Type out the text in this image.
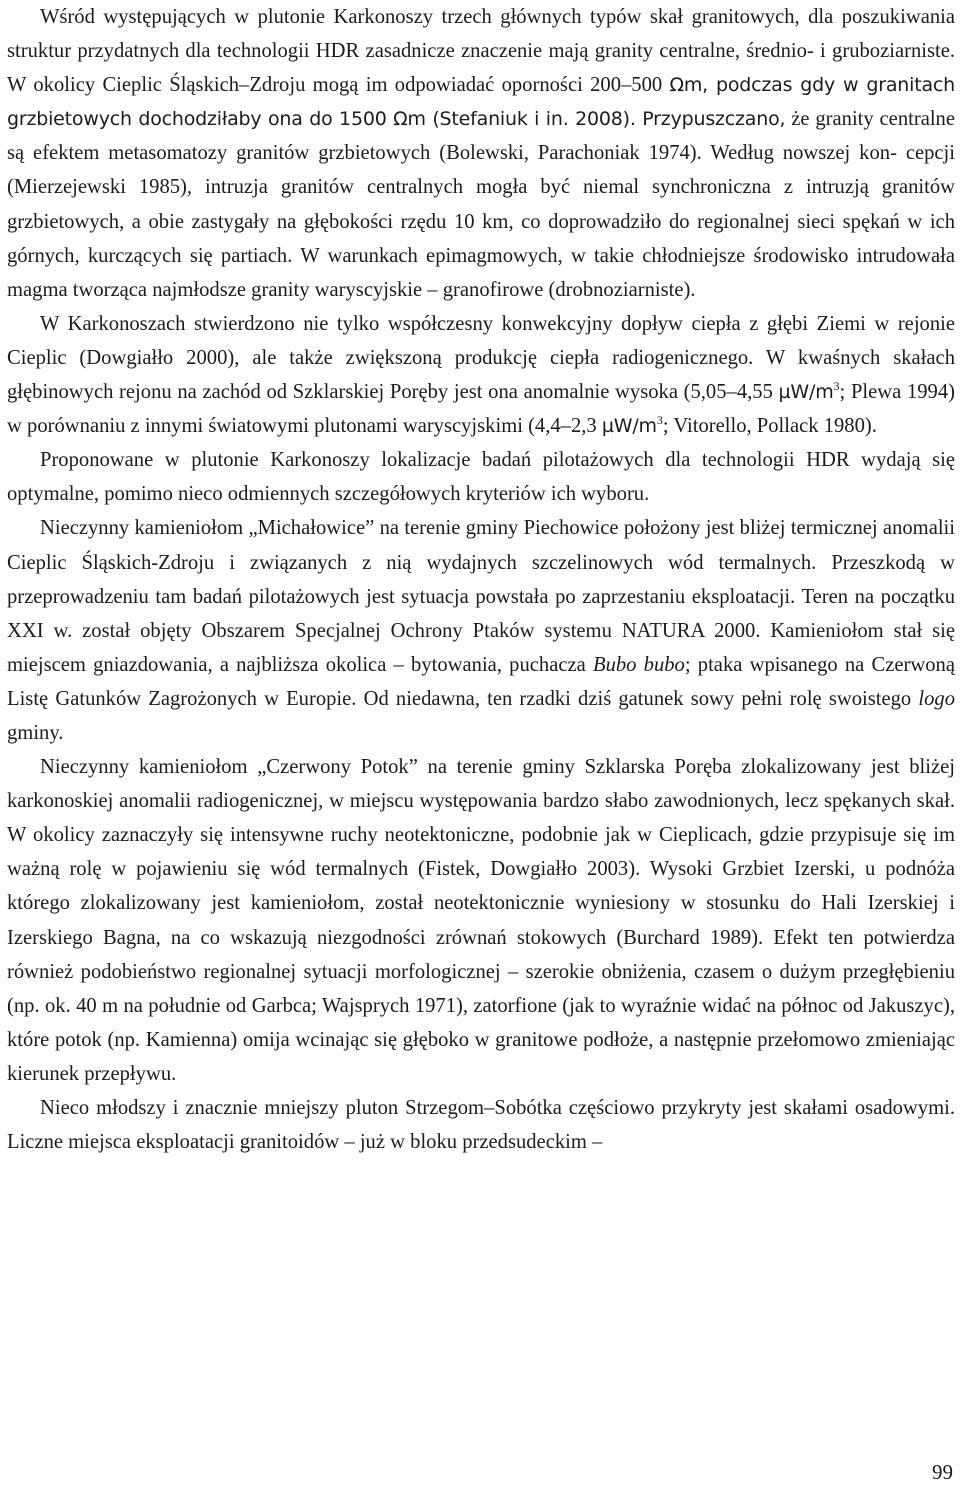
Wśród występujących w plutonie Karkonoszy trzech głównych typów skał granitowych, dla poszukiwania struktur przydatnych dla technologii HDR zasadnicze znaczenie mają granity centralne, średnio- i gruboziarniste. W okolicy Cieplic Śląskich–Zdroju mogą im odpowiadać oporności 200–500 Ωm, podczas gdy w granitach grzbietowych dochodziłaby ona do 1500 Ωm (Stefaniuk i in. 2008). Przypuszczano, że granity centralne są efektem metasomatozy granitów grzbietowych (Bolewski, Parachoniak 1974). Według nowszej kon- cepcji (Mierzejewski 1985), intruzja granitów centralnych mogła być niemal synchroniczna z intruzją granitów grzbietowych, a obie zastygały na głębokości rzędu 10 km, co doprowadziło do regionalnej sieci spękań w ich górnych, kurczących się partiach. W warunkach epimagmowych, w takie chłodniejsze środowisko intrudowała magma tworząca najmłodsze granity waryscyjskie – granofirowe (drobnoziarniste).

W Karkonoszach stwierdzono nie tylko współczesny konwekcyjny dopływ ciepła z głębi Ziemi w rejonie Cieplic (Dowgiałło 2000), ale także zwiększoną produkcję ciepła radiogenicznego. W kwaśnych skałach głębinowych rejonu na zachód od Szklarskiej Poręby jest ona anomalnie wysoka (5,05–4,55 $\mu W/m^3$; Plewa 1994) w porównaniu z innymi światowymi plutonami waryscyjskimi (4,4–2,3 $\mu W/m^3$; Vitorello, Pollack 1980).

Proponowane w plutonie Karkonoszy lokalizacje badań pilotażowych dla technologii HDR wydają się optymalne, pomimo nieco odmiennych szczegółowych kryteriów ich wyboru.

Nieczynny kamieniołom „Michałowice” na terenie gminy Piechowice położony jest bliżej termicznej anomalii Cieplic Śląskich-Zdroju i związanych z nią wydajnych szczelinowych wód termalnych. Przeszkodą w przeprowadzeniu tam badań pilotażowych jest sytuacja powstała po zaprzestaniu eksploatacji. Teren na początku XXI w. został objęty Obszarem Specjalnej Ochrony Ptaków systemu NATURA 2000. Kamieniołom stał się miejscem gniazdowania, a najbliższa okolica – bytowania, puchacza Bubo bubo; ptaka wpisanego na Czerwoną Listę Gatunków Zagrożonych w Europie. Od niedawna, ten rzadki dziś gatunek sowy pełni rolę swoistego logo gminy.

Nieczynny kamieniołom „Czerwony Potok” na terenie gminy Szklarska Poręba zlokalizowany jest bliżej karkonoskiej anomalii radiogenicznej, w miejscu występowania bardzo słabo zawodnionych, lecz spękanych skał. W okolicy zaznaczyły się intensywne ruchy neotektoniczne, podobnie jak w Cieplicach, gdzie przypisuje się im ważną rolę w pojawieniu się wód termalnych (Fistek, Dowgiałło 2003). Wysoki Grzbiet Izerski, u podnóża którego zlokalizowany jest kamieniołom, został neotektonicznie wyniesiony w stosunku do Hali Izerskiej i Izerskiego Bagna, na co wskazują niezgodności zrównań stokowych (Burchard 1989). Efekt ten potwierdza również podobieństwo regionalnej sytuacji morfologicznej – szerokie obniżenia, czasem o dużym przegłębieniu (np. ok. 40 m na południe od Garbca; Wajsprych 1971), zatorfione (jak to wyraźnie widać na północ od Jakuszyc), które potok (np. Kamienna) omija wcinając się głęboko w granitowe podłoże, a następnie przełomowo zmieniając kierunek przepływu.

Nieco młodszy i znacznie mniejszy pluton Strzegom–Sobótka częściowo przykryty jest skałami osadowymi. Liczne miejsca eksploatacji granitoidów – już w bloku przedsudeckim –

99
